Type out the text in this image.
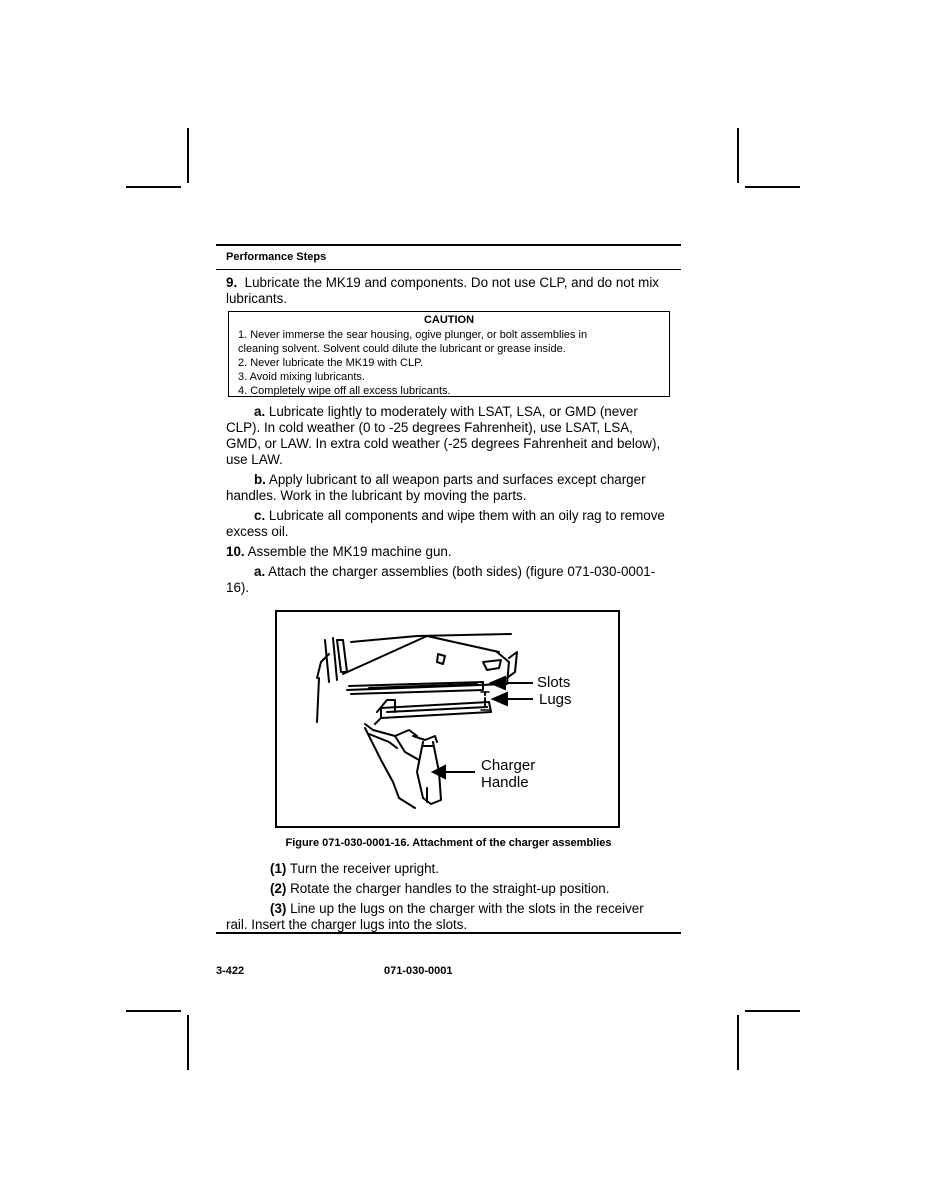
Performance Steps
9. Lubricate the MK19 and components. Do not use CLP, and do not mix
lubricants.
CAUTION
1. Never immerse the sear housing, ogive plunger, or bolt assemblies in
cleaning solvent. Solvent could dilute the lubricant or grease inside.
2. Never lubricate the MK19 with CLP.
3. Avoid mixing lubricants.
4. Completely wipe off all excess lubricants.
a. Lubricate lightly to moderately with LSAT, LSA, or GMD (never
CLP). In cold weather (0 to -25 degrees Fahrenheit), use LSAT, LSA,
GMD, or LAW. In extra cold weather (-25 degrees Fahrenheit and below),
use LAW.
b. Apply lubricant to all weapon parts and surfaces except charger
handles. Work in the lubricant by moving the parts.
c. Lubricate all components and wipe them with an oily rag to remove
excess oil.
10. Assemble the MK19 machine gun.
a. Attach the charger assemblies (both sides) (figure 071-030-0001-
16).
Slots
Lugs
Charger
Handle
Figure 071-030-0001-16. Attachment of the charger assemblies
(1) Turn the receiver upright.
(2) Rotate the charger handles to the straight-up position.
(3) Line up the lugs on the charger with the slots in the receiver
rail. Insert the charger lugs into the slots.
3-422	071-030-0001
